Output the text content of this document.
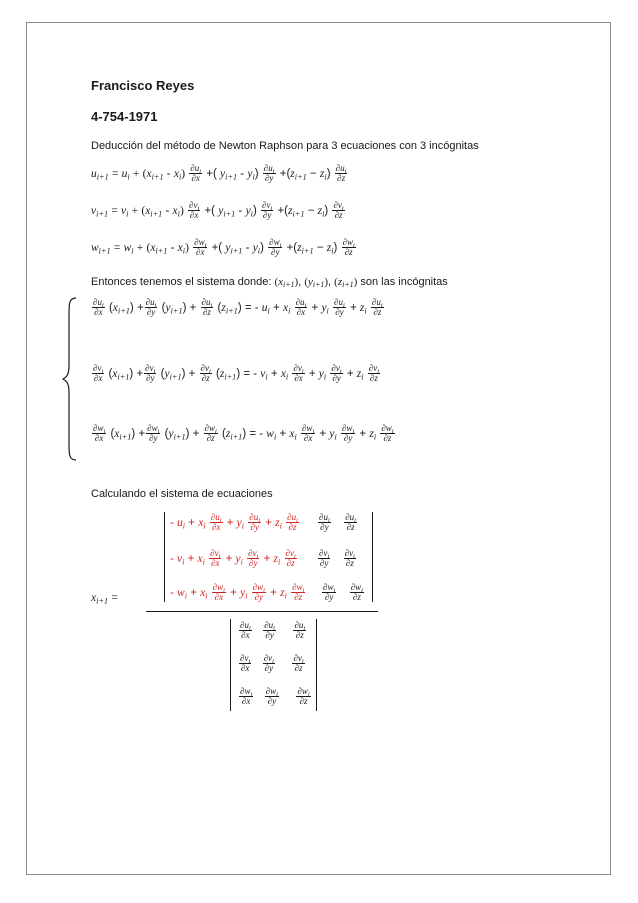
Francisco Reyes
4-754-1971
Deducción del método de Newton Raphson para 3 ecuaciones con 3 incógnitas
$u_{i+1} = u_i + (x_{i+1} - x_i) \frac{\partial u_i}{\partial x}$ +( $y_{i+1} - y_i) \frac{\partial u_i}{\partial y} +(z_{i+1} - z_i) \frac{\partial u_i}{\partial z}$
$v_{i+1} = v_i + (x_{i+1} - x_i) \frac{\partial v_i}{\partial x}$ +( $y_{i+1} - y_i) \frac{\partial v_i}{\partial y} +(z_{i+1} - z_i) \frac{\partial v_i}{\partial z}$
$w_{i+1} = w_i + (x_{i+1} - x_i) \frac{\partial w_i}{\partial x}$ +( $y_{i+1} - y_i) \frac{\partial w_i}{\partial y} +(z_{i+1} - z_i) \frac{\partial w_i}{\partial z}$
Entonces tenemos el sistema donde: $(x_{i+1})$, $(y_{i+1})$, $(z_{i+1})$ son las incógnitas
$\frac{\partial u_i}{\partial x} (x_{i+1}) + \frac{\partial u_i}{\partial y} (y_{i+1}) + \frac{\partial u_i}{\partial z} (z_{i+1})$ = - $u_i + x_i \frac{\partial u_i}{\partial x} + y_i \frac{\partial u_i}{\partial y} + z_i \frac{\partial u_i}{\partial z}$
$\frac{\partial v_i}{\partial x} (x_{i+1}) + \frac{\partial v_i}{\partial y} (y_{i+1}) + \frac{\partial v_i}{\partial z} (z_{i+1})$ = - $v_i + x_i \frac{\partial v_i}{\partial x} + y_i \frac{\partial v_i}{\partial y} + z_i \frac{\partial v_i}{\partial z}$
$\frac{\partial w_i}{\partial x} (x_{i+1}) + \frac{\partial w_i}{\partial y} (y_{i+1}) + \frac{\partial w_i}{\partial z} (z_{i+1})$ = - $w_i + x_i \frac{\partial w_i}{\partial x} + y_i \frac{\partial w_i}{\partial y} + z_i \frac{\partial w_i}{\partial z}$
Calculando el sistema de ecuaciones
$x_{i+1}$ =
- $u_i + x_i \frac{\partial u_i}{\partial x} + y_i \frac{\partial u_i}{\partial y} + z_i \frac{\partial u_i}{\partial z} \frac{\partial u_i}{\partial y}$
$\frac{\partial u_i}{\partial z}$
- $v_i + x_i \frac{\partial v_i}{\partial x} + y_i \frac{\partial v_i}{\partial y} + z_i \frac{\partial v_i}{\partial z} \frac{\partial v_i}{\partial y}$
$\frac{\partial v_i}{\partial z}$
- $w_i + x_i \frac{\partial w_i}{\partial x} + y_i \frac{\partial w_i}{\partial y} + z_i \frac{\partial w_i}{\partial z} \frac{\partial w_i}{\partial y}$
$\frac{\partial w_i}{\partial z}$
$\frac{\partial u_i}{\partial x}$
$\frac{\partial u_i}{\partial y}$
$\frac{\partial u_i}{\partial z}$
$\frac{\partial v_i}{\partial x}$
$\frac{\partial v_i}{\partial y}$
$\frac{\partial v_i}{\partial z}$
$\frac{\partial w_i}{\partial x}$
$\frac{\partial w_i}{\partial y}$
$\frac{\partial w_i}{\partial z}$
